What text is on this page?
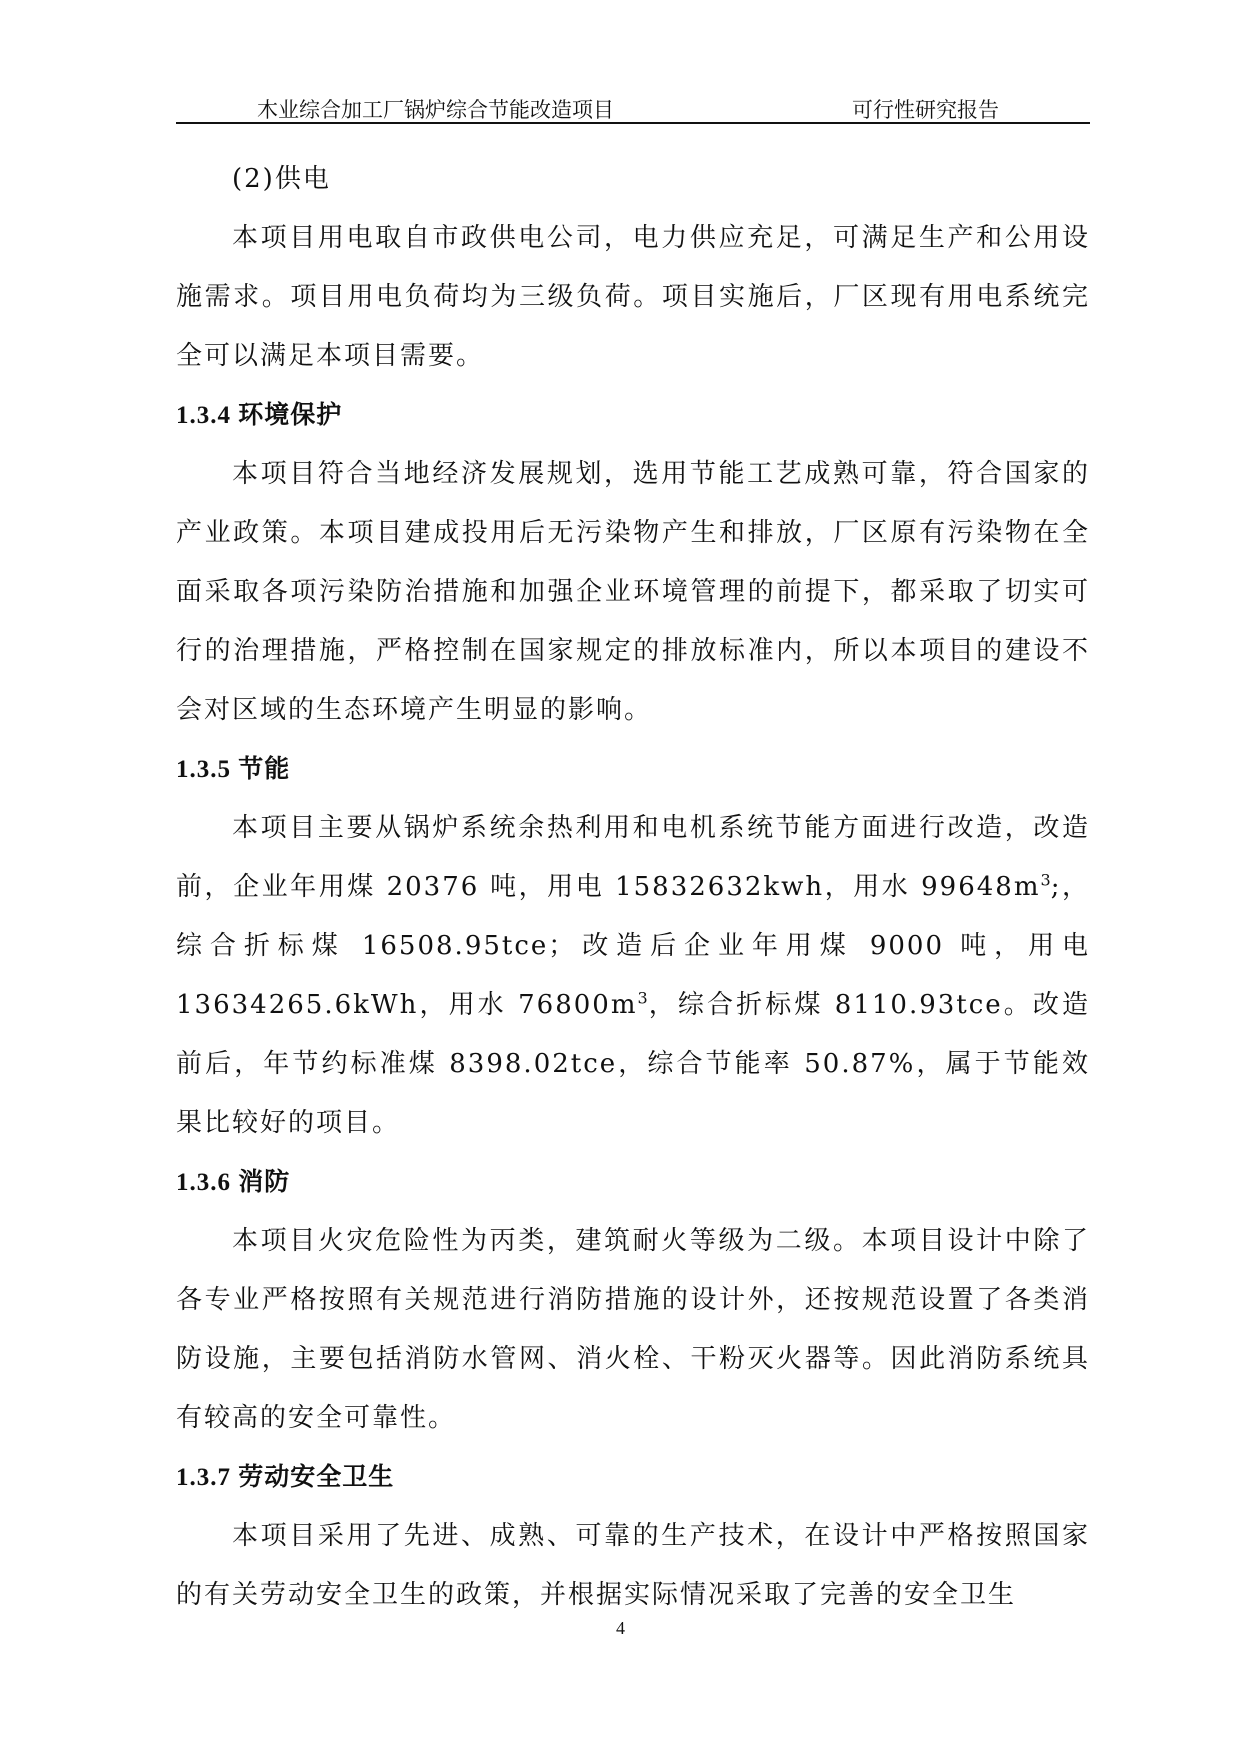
木业综合加工厂锅炉综合节能改造项目	可行性研究报告

(2)供电

本项目用电取自市政供电公司，电力供应充足，可满足生产和公用设施需求。项目用电负荷均为三级负荷。项目实施后，厂区现有用电系统完全可以满足本项目需要。

1.3.4 环境保护

本项目符合当地经济发展规划，选用节能工艺成熟可靠，符合国家的产业政策。本项目建成投用后无污染物产生和排放，厂区原有污染物在全面采取各项污染防治措施和加强企业环境管理的前提下，都采取了切实可行的治理措施，严格控制在国家规定的排放标准内，所以本项目的建设不会对区域的生态环境产生明显的影响。

1.3.5 节能

本项目主要从锅炉系统余热利用和电机系统节能方面进行改造，改造前，企业年用煤 20376 吨，用电 15832632kwh，用水 $99648m^3$;，综合折标煤 16508.95tce；改造后企业年用煤 9000 吨，用电 13634265.6kWh，用水 $76800m^3$，综合折标煤 8110.93tce。改造前后，年节约标准煤 8398.02tce，综合节能率 50.87%，属于节能效果比较好的项目。

1.3.6 消防

本项目火灾危险性为丙类，建筑耐火等级为二级。本项目设计中除了各专业严格按照有关规范进行消防措施的设计外，还按规范设置了各类消防设施，主要包括消防水管网、消火栓、干粉灭火器等。因此消防系统具有较高的安全可靠性。

1.3.7 劳动安全卫生

本项目采用了先进、成熟、可靠的生产技术，在设计中严格按照国家的有关劳动安全卫生的政策，并根据实际情况采取了完善的安全卫生

4
